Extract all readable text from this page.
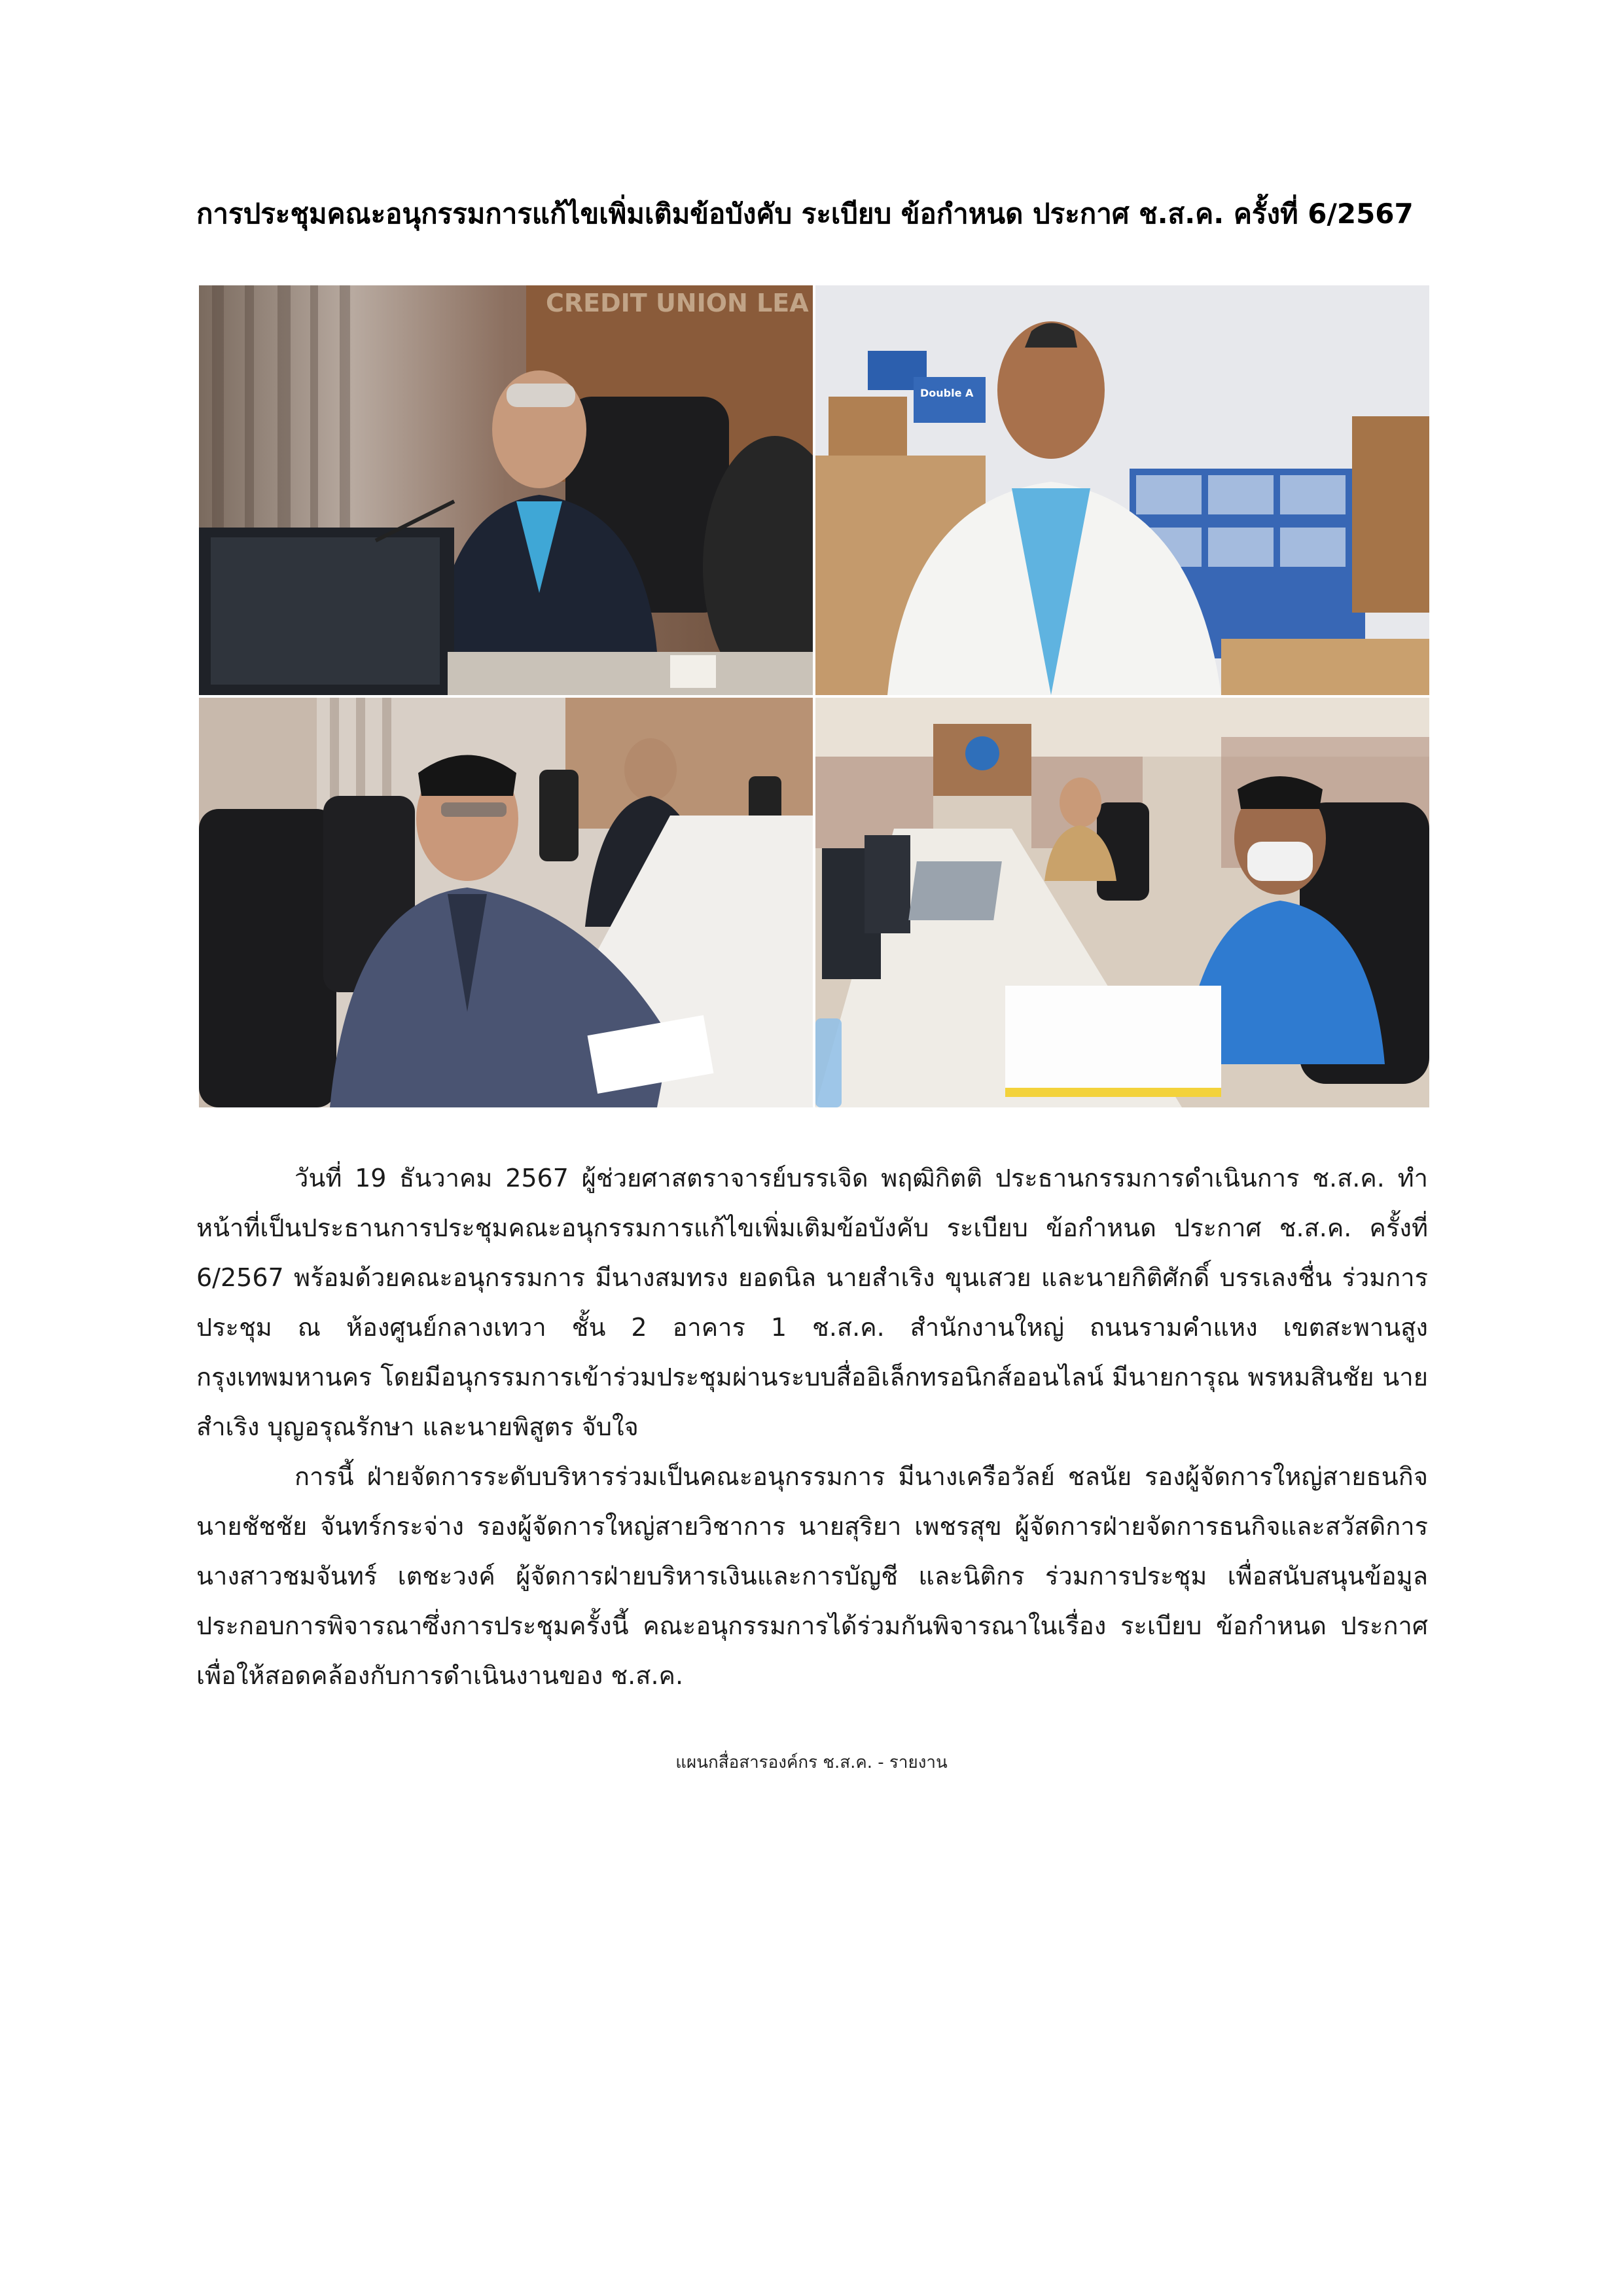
การประชุมคณะอนุกรรมการแก้ไขเพิ่มเติมข้อบังคับ ระเบียบ ข้อกำหนด ประกาศ ช.ส.ค. ครั้งที่ 6/2567
CREDIT UNION LEA
Double A

วันที่ 19 ธันวาคม 2567 ผู้ช่วยศาสตราจารย์บรรเจิด พฤฒิกิตติ ประธานกรรมการดำเนินการ ช.ส.ค. ทำหน้าที่เป็นประธานการประชุมคณะอนุกรรมการแก้ไขเพิ่มเติมข้อบังคับ ระเบียบ ข้อกำหนด ประกาศ ช.ส.ค. ครั้งที่ 6/2567 พร้อมด้วยคณะอนุกรรมการ มีนางสมทรง ยอดนิล นายสำเริง ขุนเสวย และนายกิติศักดิ์ บรรเลงชื่น ร่วมการประชุม ณ ห้องศูนย์กลางเทวา ชั้น 2 อาคาร 1 ช.ส.ค. สำนักงานใหญ่ ถนนรามคำแหง เขตสะพานสูง กรุงเทพมหานคร โดยมีอนุกรรมการเข้าร่วมประชุมผ่านระบบสื่ออิเล็กทรอนิกส์ออนไลน์ มีนายการุณ พรหมสินชัย นายสำเริง บุญอรุณรักษา และนายพิสูตร จับใจ

การนี้ ฝ่ายจัดการระดับบริหารร่วมเป็นคณะอนุกรรมการ มีนางเครือวัลย์ ชลนัย รองผู้จัดการใหญ่สายธนกิจ นายชัชชัย จันทร์กระจ่าง รองผู้จัดการใหญ่สายวิชาการ นายสุริยา เพชรสุข ผู้จัดการฝ่ายจัดการธนกิจและสวัสดิการ นางสาวชมจันทร์ เตชะวงค์ ผู้จัดการฝ่ายบริหารเงินและการบัญชี และนิติกร ร่วมการประชุม เพื่อสนับสนุนข้อมูลประกอบการพิจารณาซึ่งการประชุมครั้งนี้ คณะอนุกรรมการได้ร่วมกันพิจารณาในเรื่อง ระเบียบ ข้อกำหนด ประกาศ เพื่อให้สอดคล้องกับการดำเนินงานของ ช.ส.ค.

แผนกสื่อสารองค์กร ช.ส.ค. - รายงาน
